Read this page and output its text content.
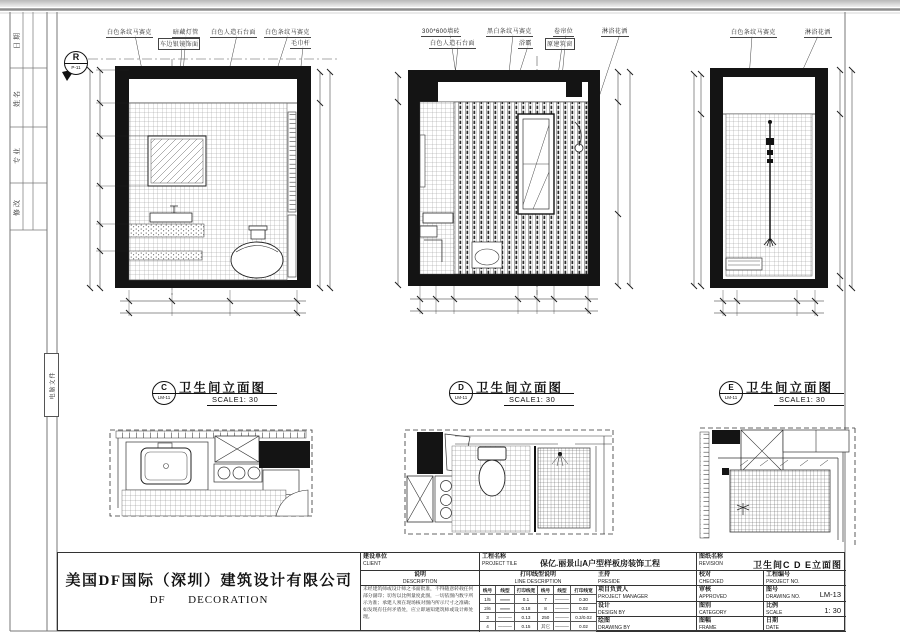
日期
姓名
专业
修改
电脑文件
R
P-11
白色条纹马赛克	暗藏灯管
车边银镜饰面
白色人造石台面 白色条纹马赛克
毛巾杆
300*600墙砖
白色人造石台面
黑白条纹马赛克
浴霸
卷帘位
原建筑窗
淋浴花洒	白色条纹马赛克	淋浴花洒
C
LM-11
卫生间立面图
SCALE1: 30
D
LM-11
卫生间立面图
SCALE1: 30
E
LM-11
卫生间立面图
SCALE1: 30
美国DF国际（深圳）建筑设计有限公司
DF      DECORATION
建设单位
CLIENT
说明
DESCRIPTION
未经建筑师或设计师之书面批准，不得随意转载任何部分副印；切勿以比例量度此图，一切依图内数字所示为准；承建人须在现场核对图内所示尺寸之准确；如发现有任何矛盾处，应立即通知建筑师或设计师处理。
工程名称
PROJECT TILE	保亿.丽景山A户型样板房装饰工程
打印线型说明
LINE DESCRIPTION
线号	线型	打印线宽	线号	线型	打印线宽
1/5	═══	0.1	7	———	0.30
2/6	═══	0.18	8	———	0.02
3	———	0.13	250	———	0.3/0.02
4	———	0.15	其它	———	0.02
图纸名称
REVISION	卫生间C D E立面图
主持
PRESIDE
校对
CHECKED
工程编号
PROJECT NO.
项目负责人
PROJECT MANAGER
审核
APPROVED
图号
DRAWING NO.	LM-13
设计
DESIGN BY
图别
CATEGORY
比例
SCALE	1: 30
绘图
DRAWING BY
图幅
FRAME
日期
DATE
